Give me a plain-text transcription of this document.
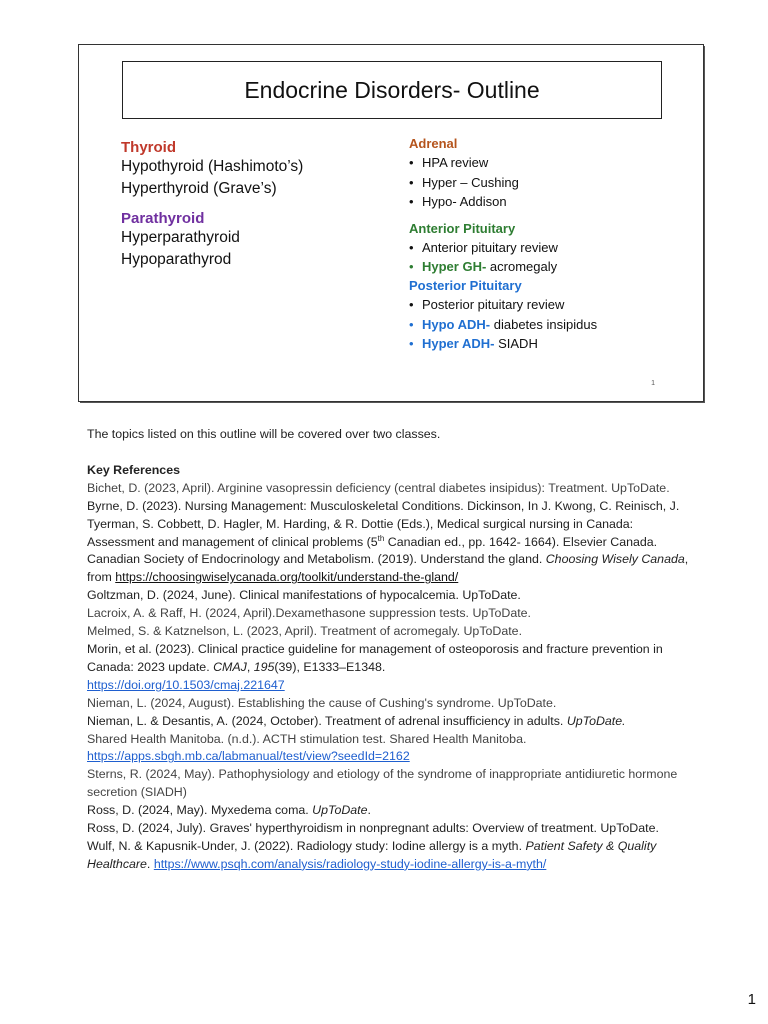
Endocrine Disorders- Outline

Thyroid

Hypothyroid (Hashimoto’s)
Hyperthyroid (Grave’s)

Parathyroid

Hyperparathyroid
Hypoparathyrod

Adrenal

• HPA review
• Hyper – Cushing
• Hypo- Addison

Anterior Pituitary

• Anterior pituitary review
• Hyper GH- acromegaly

Posterior Pituitary

• Posterior pituitary review
• Hypo ADH- diabetes insipidus
• Hyper ADH- SIADH
1

The topics listed on this outline will be covered over two classes.

Key References

Bichet, D. (2023, April). Arginine vasopressin deficiency (central diabetes insipidus): Treatment. UpToDate.

Byrne, D. (2023). Nursing Management: Musculoskeletal Conditions. Dickinson, In J. Kwong, C. Reinisch, J. Tyerman, S. Cobbett, D. Hagler, M. Harding, & R. Dottie (Eds.), Medical surgical nursing in Canada: Assessment and management of clinical problems (5th Canadian ed., pp. 1642- 1664). Elsevier Canada.

Canadian Society of Endocrinology and Metabolism. (2019). Understand the gland. Choosing Wisely Canada, from https://choosingwiselycanada.org/toolkit/understand-the-gland/

Goltzman, D. (2024, June). Clinical manifestations of hypocalcemia. UpToDate.

Lacroix, A. & Raff, H. (2024, April).Dexamethasone suppression tests. UpToDate.

Melmed, S. & Katznelson, L. (2023, April). Treatment of acromegaly. UpToDate.

Morin, et al. (2023). Clinical practice guideline for management of osteoporosis and fracture prevention in Canada: 2023 update. CMAJ, 195(39), E1333–E1348.
https://doi.org/10.1503/cmaj.221647

Nieman, L. (2024, August). Establishing the cause of Cushing's syndrome. UpToDate.

Nieman, L. & Desantis, A. (2024, October). Treatment of adrenal insufficiency in adults. UpToDate.

Shared Health Manitoba. (n.d.). ACTH stimulation test. Shared Health Manitoba.
https://apps.sbgh.mb.ca/labmanual/test/view?seedId=2162

Sterns, R. (2024, May). Pathophysiology and etiology of the syndrome of inappropriate antidiuretic hormone secretion (SIADH)

Ross, D. (2024, May). Myxedema coma. UpToDate.

Ross, D. (2024, July). Graves' hyperthyroidism in nonpregnant adults: Overview of treatment. UpToDate.

Wulf, N. & Kapusnik-Under, J. (2022). Radiology study: Iodine allergy is a myth. Patient Safety & Quality Healthcare. https://www.psqh.com/analysis/radiology-study-iodine-allergy-is-a-myth/

1
